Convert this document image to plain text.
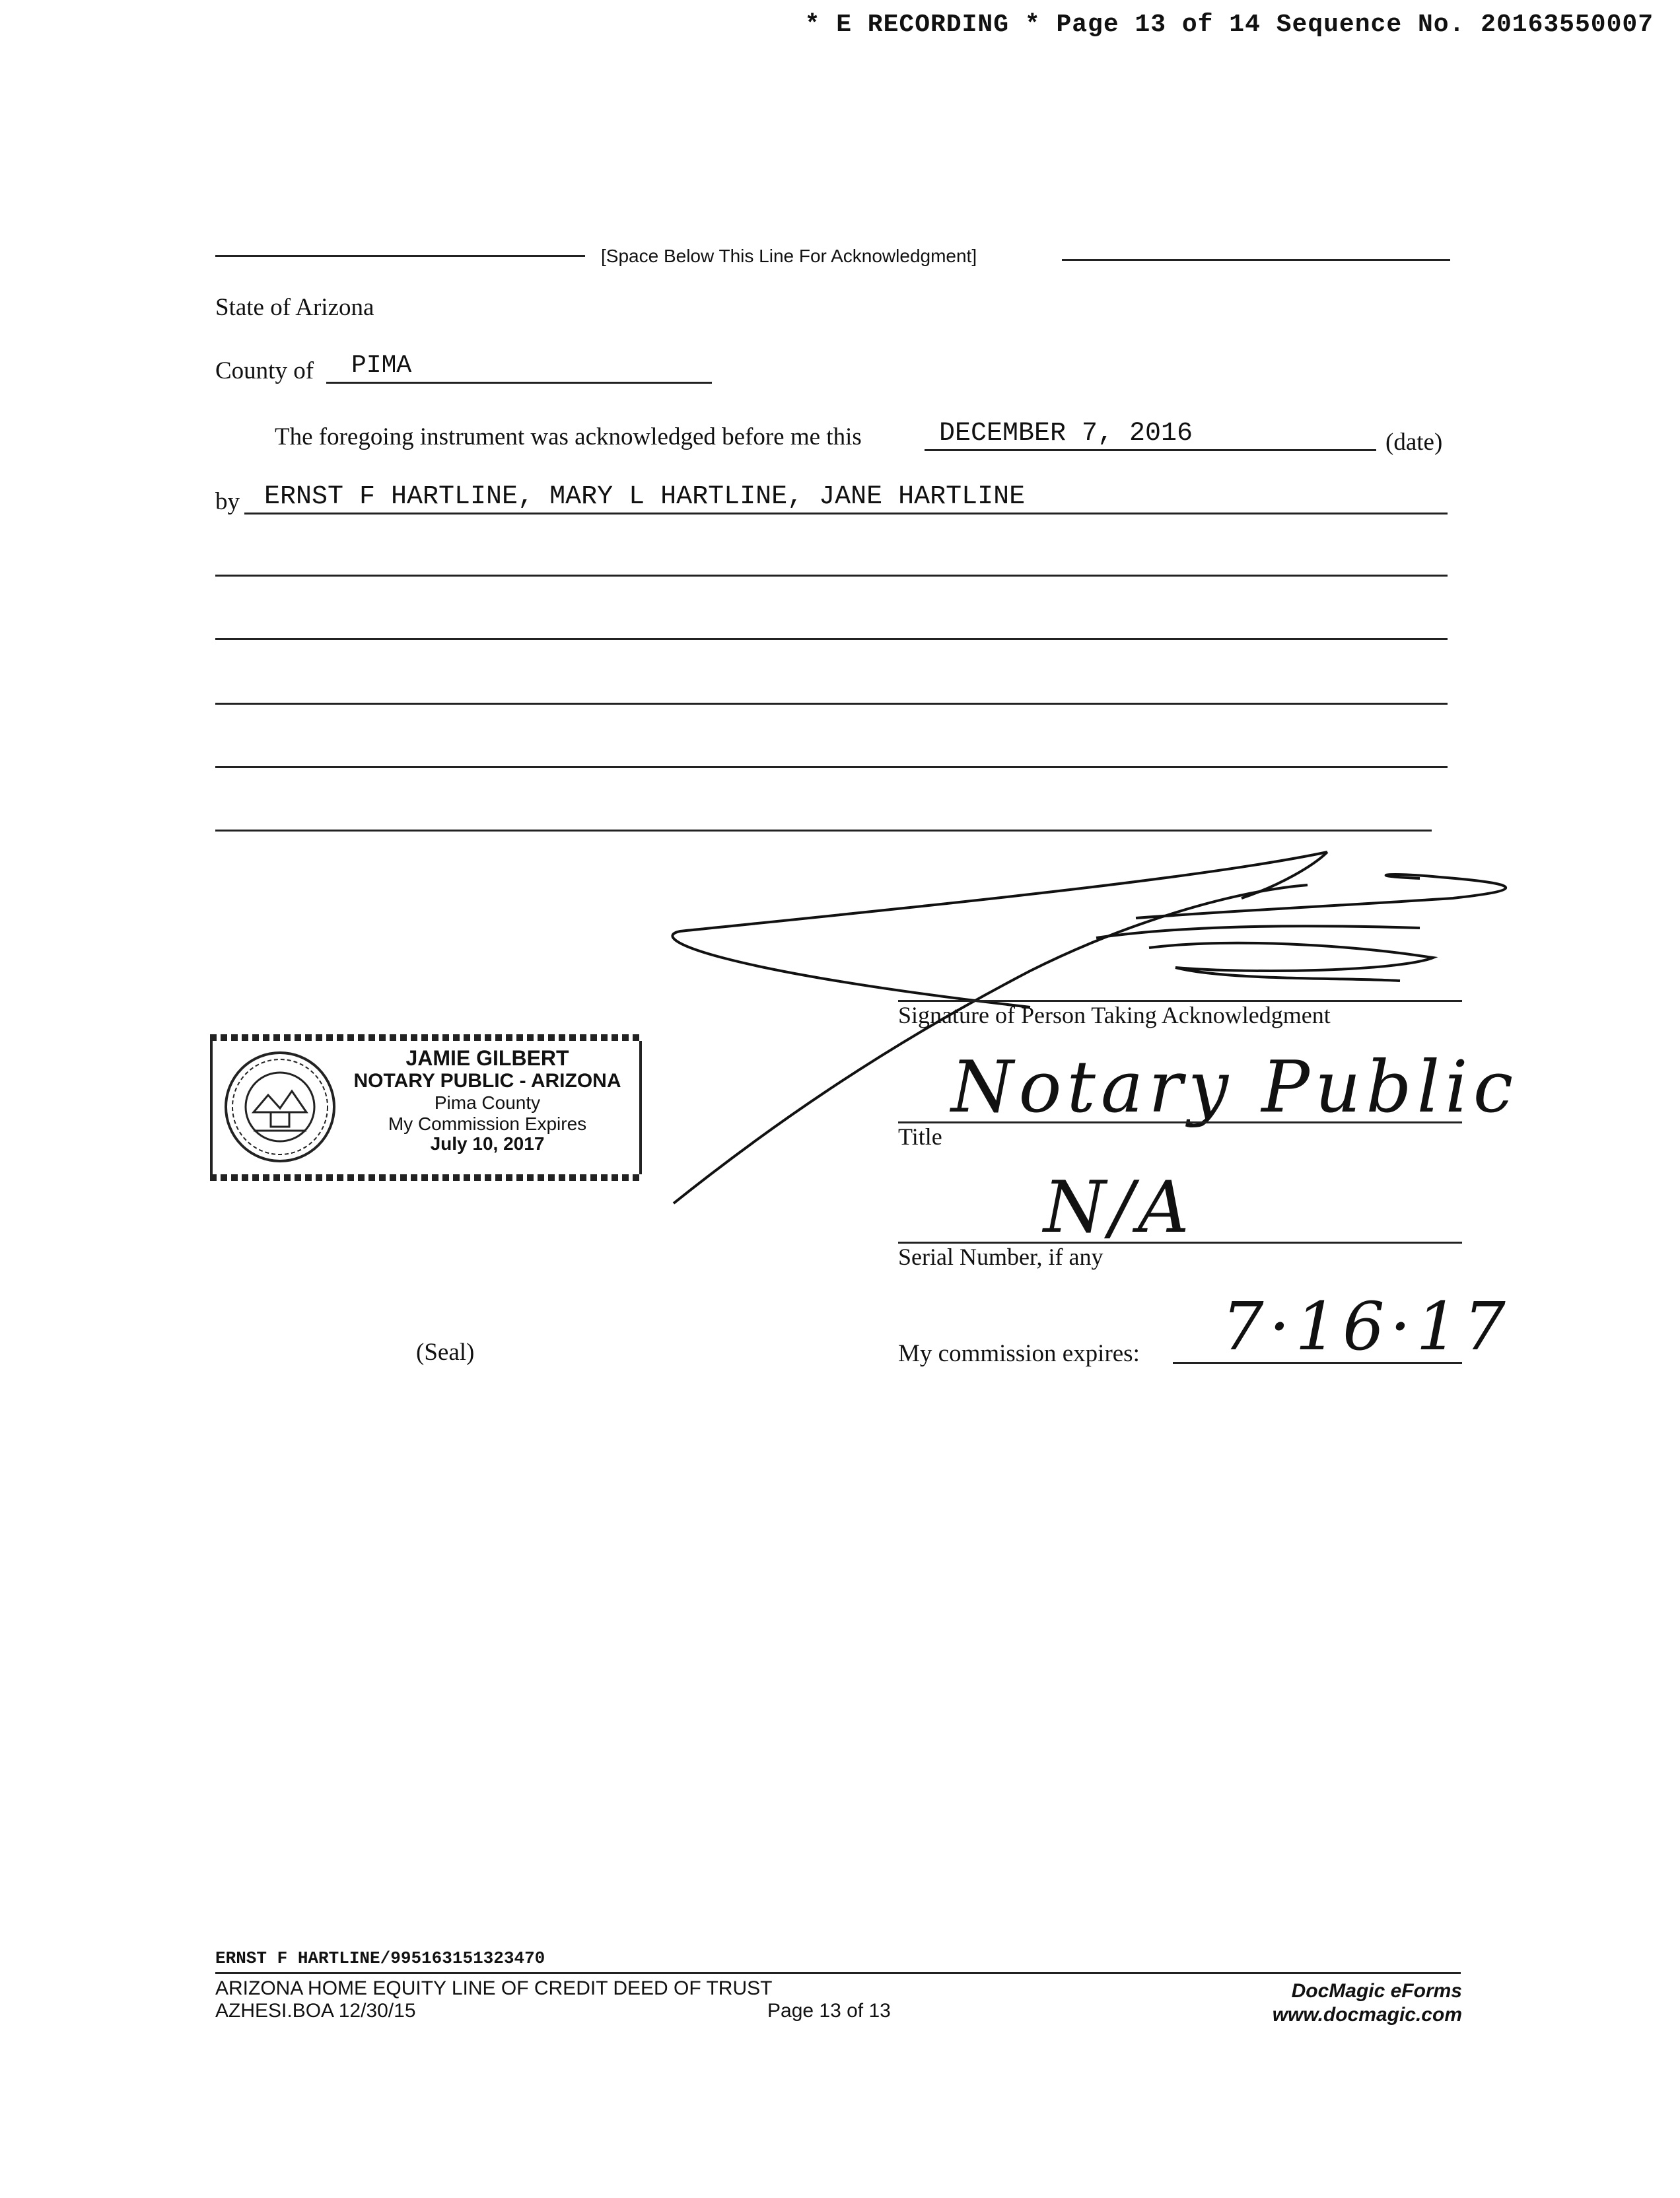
* E RECORDING * Page 13 of 14 Sequence No. 20163550007
[Space Below This Line For Acknowledgment]
State of Arizona
County of PIMA
The foregoing instrument was acknowledged before me this	DECEMBER 7, 2016	(date)
by ERNST F HARTLINE, MARY L HARTLINE, JANE HARTLINE
Signature of Person Taking Acknowledgment
JAMIE GILBERT
NOTARY PUBLIC - ARIZONA
Pima County
My Commission Expires
July 10, 2017
Notary Public
Title
N/A
Serial Number, if any
(Seal)	My commission expires: 7·16·17
ERNST F HARTLINE/995163151323470
ARIZONA HOME EQUITY LINE OF CREDIT DEED OF TRUST
AZHESI.BOA 12/30/15	Page 13 of 13
DocMagic eForms
www.docmagic.com
